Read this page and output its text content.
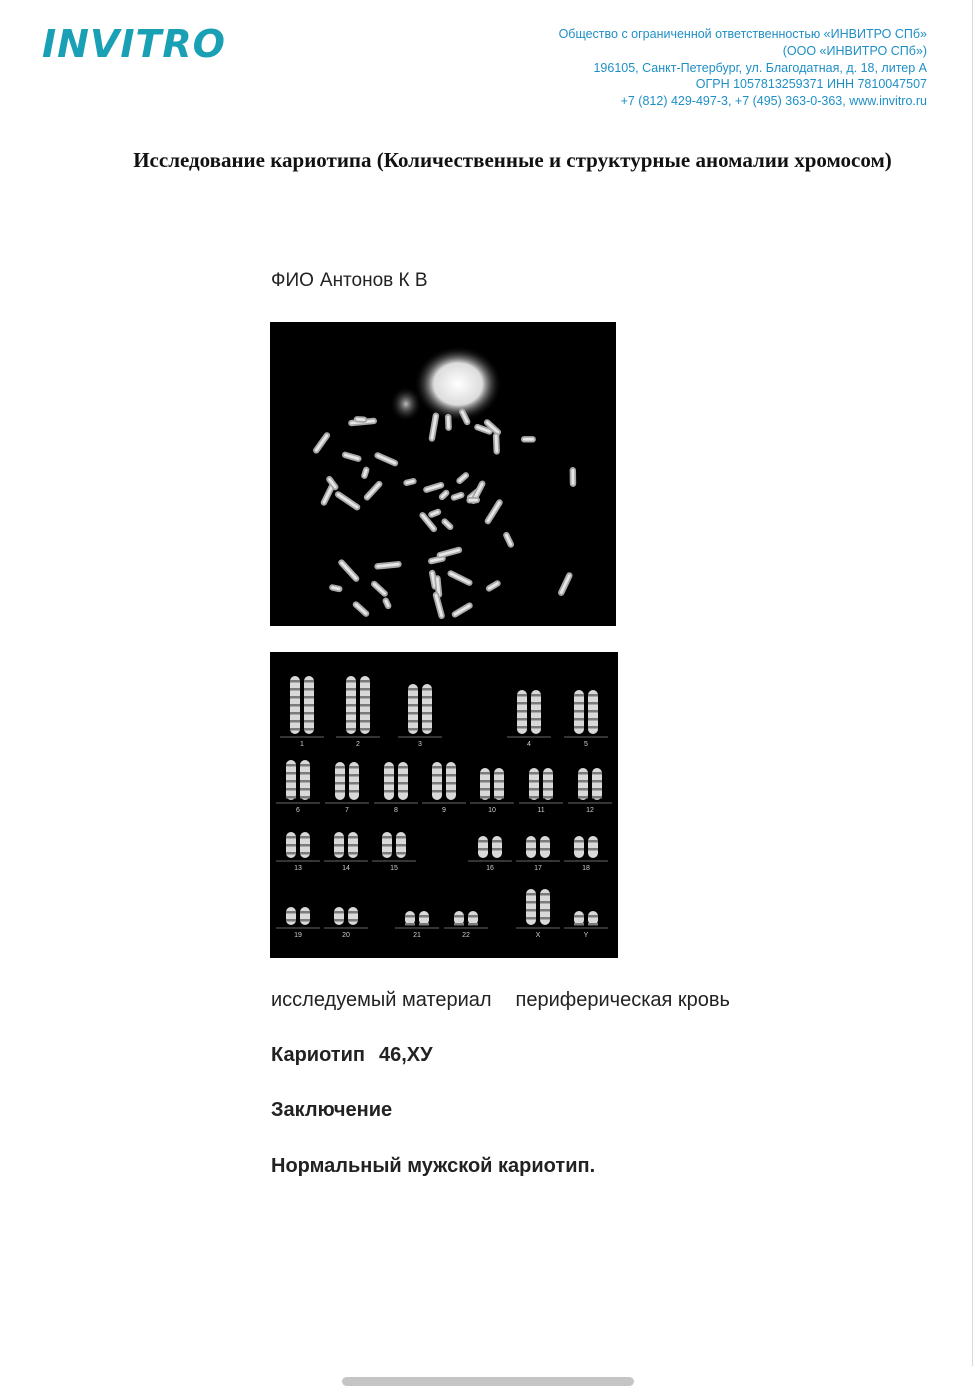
INVITRO	Общество с ограниченной ответственностью «ИНВИТРО СПб»
(ООО «ИНВИТРО СПб»)
196105, Санкт-Петербург, ул. Благодатная, д. 18, литер А
ОГРН 1057813259371 ИНН 7810047507
+7 (812) 429-497-3, +7 (495) 363-0-363, www.invitro.ru
Исследование кариотипа (Количественные и структурные аномалии хромосом)
ФИО Антонов К В
1	2	3	4	5
6	7	8	9	10	11	12
13	14	15	16	17	18
19	20	21	22	X	Y
исследуемый материал периферическая кровь
Кариотип 46,ХУ
Заключение
Нормальный мужской кариотип.
